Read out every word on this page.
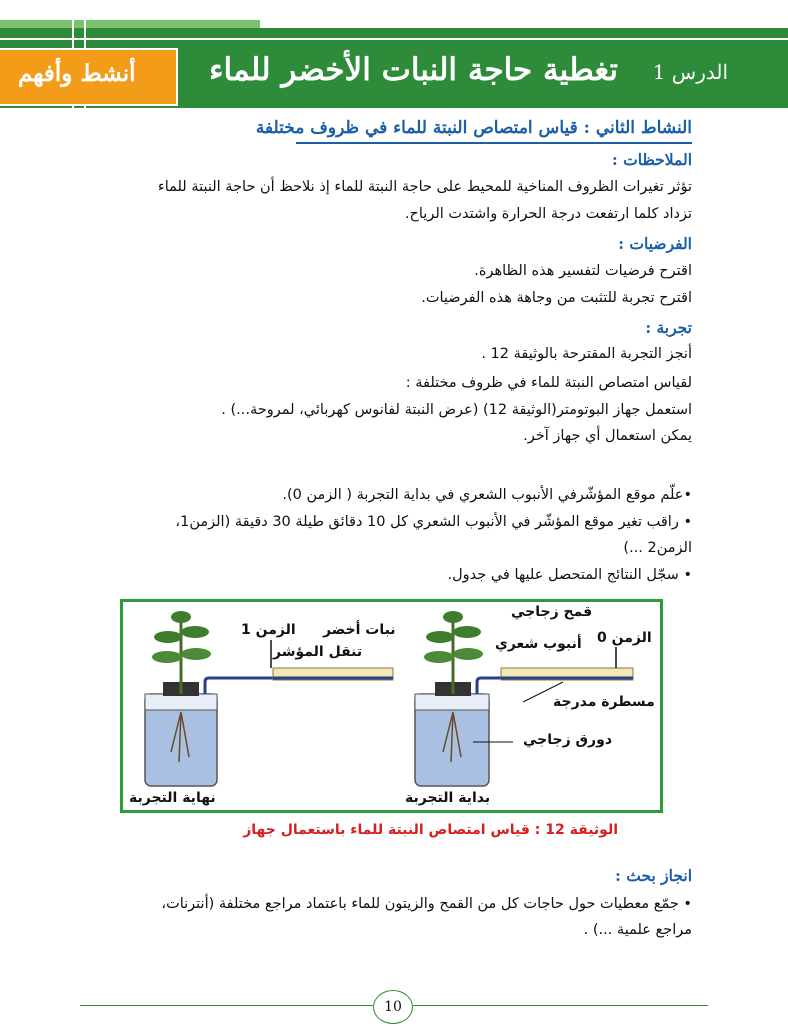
أنشط وأفهم تغطية حاجة النبات الأخضر للماء الدرس 1
النشاط الثاني : قياس امتصاص النبتة للماء في ظروف مختلفة
الملاحظات :
تؤثر تغيرات الظروف المناخية للمحيط على حاجة النبتة للماء إذ نلاحظ أن حاجة النبتة للماء
تزداد كلما ارتفعت درجة الحرارة واشتدت الرياح.
الفرضيات :
اقترح فرضيات لتفسير هذه الظاهرة.
اقترح تجربة للتثبت من وجاهة هذه الفرضيات.
تجربة :
أنجز التجربة المقترحة بالوثيقة 12 .
لقياس امتصاص النبتة للماء في ظروف مختلفة :
استعمل جهاز البوتومتر(الوثيقة 12) (عرض النبتة لفانوس كهربائي، لمروحة...) .
يمكن استعمال أي جهاز آخر.
•علّم موقع المؤشّرفي الأنبوب الشعري في بداية التجربة ( الزمن 0).
• راقب تغير موقع المؤشّر في الأنبوب الشعري كل 10 دقائق طيلة 30 دقيقة (الزمن1،
الزمن2 ...)
• سجّل النتائج المتحصل عليها في جدول.
الزمن 1 نبات أخضر
تنقل المؤشر
نهاية التجربة
قمح زجاجي
الزمن 0
أنبوب شعري
مسطرة مدرجة
دورق زجاجي
بداية التجربة
الوثيقة 12 : قياس امتصاص النبتة للماء باستعمال جهاز
انجاز بحث :
• جمّع معطيات حول حاجات كل من القمح والزيتون للماء باعتماد مراجع مختلفة (أنترنات،
مراجع علمية ...) .
10
